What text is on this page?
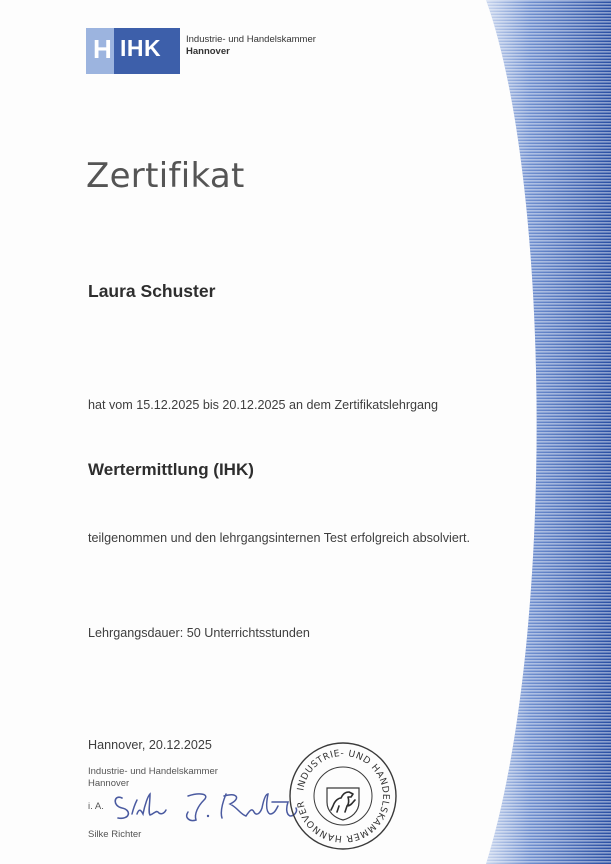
H IHK	Industrie- und Handelskammer
Hannover
Zertifikat
Laura Schuster
hat vom 15.12.2025 bis 20.12.2025 an dem Zertifikatslehrgang
Wertermittlung (IHK)
teilgenommen und den lehrgangsinternen Test erfolgreich absolviert.
Lehrgangsdauer: 50 Unterrichtsstunden
Hannover, 20.12.2025
Industrie- und Handelskammer
Hannover
i. A.
Silke Richter
INDUSTRIE- UND HANDELSKAMMER HANNOVER
